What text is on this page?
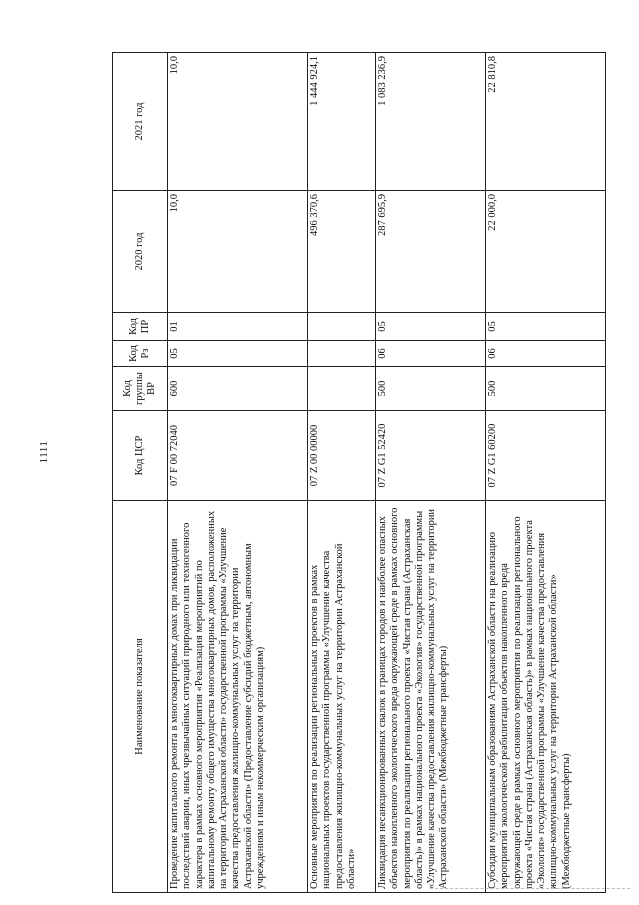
1111
Наименование показателя	Код ЦСР	Код группы ВР	Код Рз	Код ПР	2020 год	2021 год
Проведение капитального ремонта в многоквартирных домах при ликвидации последствий аварии, иных чрезвычайных ситуаций природного или техногенного характера в рамках основного мероприятия «Реализация мероприятий по капитальному ремонту общего имущества многоквартирных домов, расположенных на территории Астраханской области» государственной программы «Улучшение качества предоставления жилищно-коммунальных услуг на территории Астраханской области» (Предоставление субсидий бюджетным, автономным учреждениям и иным некоммерческим организациям)	07 F 00 72040	600	05	01	10,0	10,0
Основные мероприятия по реализации региональных проектов в рамках национальных проектов государственной программы «Улучшение качества предоставления жилищно-коммунальных услуг на территории Астраханской области»	07 Z 00 00000				496 370,6	1 444 924,1
Ликвидация несанкционированных свалок в границах городов и наиболее опасных объектов накопленного экологического вреда окружающей среде в рамках основного мероприятия по реализации регионального проекта «Чистая страна (Астраханская область)» в рамках национального проекта «Экология» государственной программы «Улучшение качества предоставления жилищно-коммунальных услуг на территории Астраханской области» (Межбюджетные трансферты)	07 Z G1 52420	500	06	05	287 695,9	1 083 236,9
Субсидии муниципальным образованиям Астраханской области на реализацию мероприятий экологической реабилитации объектов накопленного вреда окружающей среде в рамках основного мероприятия по реализации регионального проекта «Чистая страна (Астраханская область)» в рамках национального проекта «Экология» государственной программы «Улучшение качества предоставления жилищно-коммунальных услуг на территории Астраханской области» (Межбюджетные трансферты)	07 Z G1 60200	500	06	05	22 000,0	22 810,8
